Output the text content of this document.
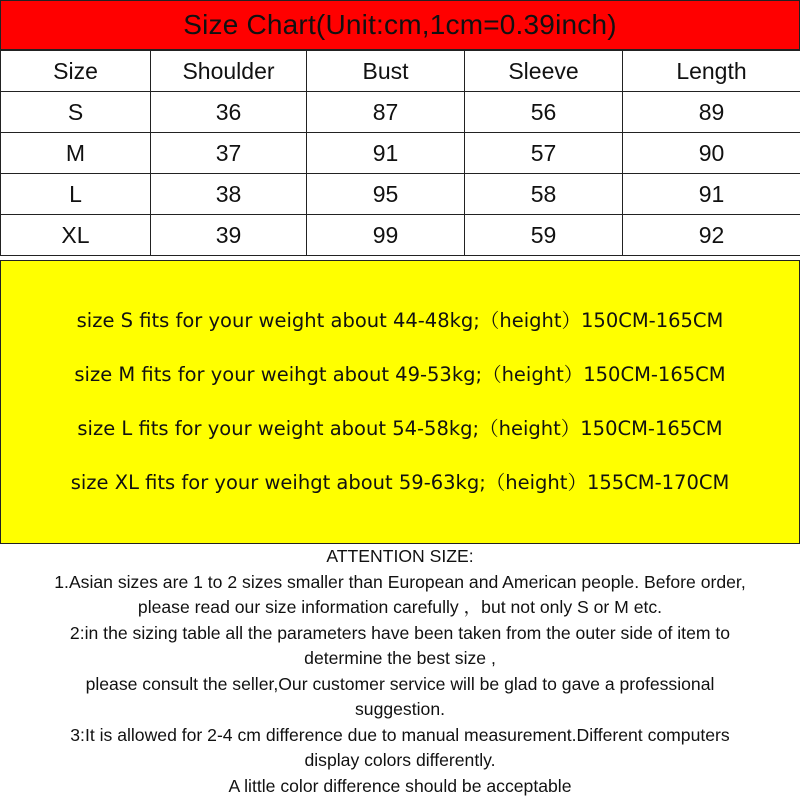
Size Chart(Unit:cm,1cm=0.39inch)
Size	Shoulder	Bust	Sleeve	Length
S	36	87	56	89
M	37	91	57	90
L	38	95	58	91
XL	39	99	59	92
size S fits for your weight about 44-48kg;（height）150CM-165CM
size M fits for your weihgt about 49-53kg;（height）150CM-165CM
size L fits for your weight about 54-58kg;（height）150CM-165CM
size XL fits for your weihgt about 59-63kg;（height）155CM-170CM
ATTENTION SIZE:
1.Asian sizes are 1 to 2 sizes smaller than European and American people. Before order,
please read our size information carefully ，but not only S or M etc.
2:in the sizing table all the parameters have been taken from the outer side of item to
determine the best size ,
please consult the seller,Our customer service will be glad to gave a professional
suggestion.
3:It is allowed for 2-4 cm difference due to manual measurement.Different computers
display colors differently.
A little color difference should be acceptable
